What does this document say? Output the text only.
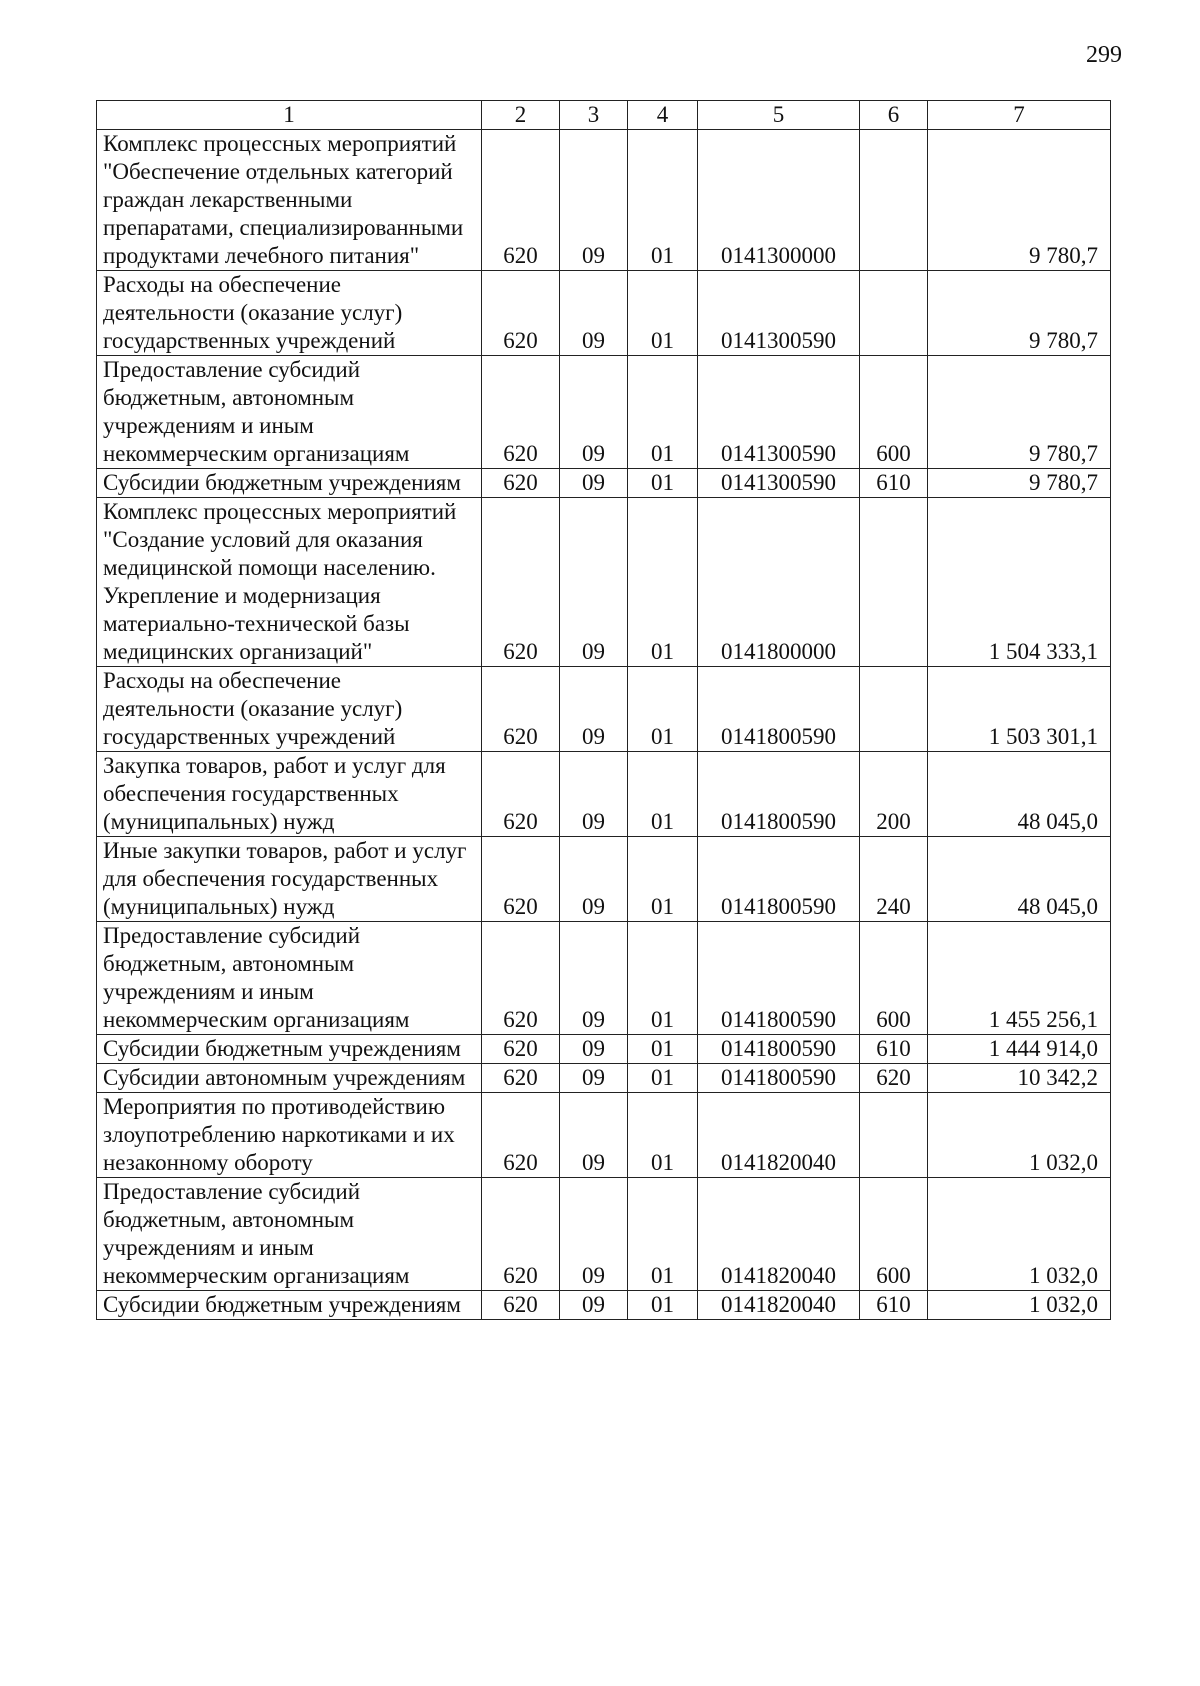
299
1	2	3	4	5	6	7
Комплекс процессных мероприятий "Обеспечение отдельных категорий граждан лекарственными препаратами, специализированными продуктами лечебного питания"	620	09	01	0141300000		9 780,7
Расходы на обеспечение деятельности (оказание услуг) государственных учреждений	620	09	01	0141300590		9 780,7
Предоставление субсидий бюджетным, автономным учреждениям и иным некоммерческим организациям	620	09	01	0141300590	600	9 780,7
Субсидии бюджетным учреждениям	620	09	01	0141300590	610	9 780,7
Комплекс процессных мероприятий "Создание условий для оказания медицинской помощи населению. Укрепление и модернизация материально-технической базы медицинских организаций"	620	09	01	0141800000		1 504 333,1
Расходы на обеспечение деятельности (оказание услуг) государственных учреждений	620	09	01	0141800590		1 503 301,1
Закупка товаров, работ и услуг для обеспечения государственных (муниципальных) нужд	620	09	01	0141800590	200	48 045,0
Иные закупки товаров, работ и услуг для обеспечения государственных (муниципальных) нужд	620	09	01	0141800590	240	48 045,0
Предоставление субсидий бюджетным, автономным учреждениям и иным некоммерческим организациям	620	09	01	0141800590	600	1 455 256,1
Субсидии бюджетным учреждениям	620	09	01	0141800590	610	1 444 914,0
Субсидии автономным учреждениям	620	09	01	0141800590	620	10 342,2
Мероприятия по противодействию злоупотреблению наркотиками и их незаконному обороту	620	09	01	0141820040		1 032,0
Предоставление субсидий бюджетным, автономным учреждениям и иным некоммерческим организациям	620	09	01	0141820040	600	1 032,0
Субсидии бюджетным учреждениям	620	09	01	0141820040	610	1 032,0
